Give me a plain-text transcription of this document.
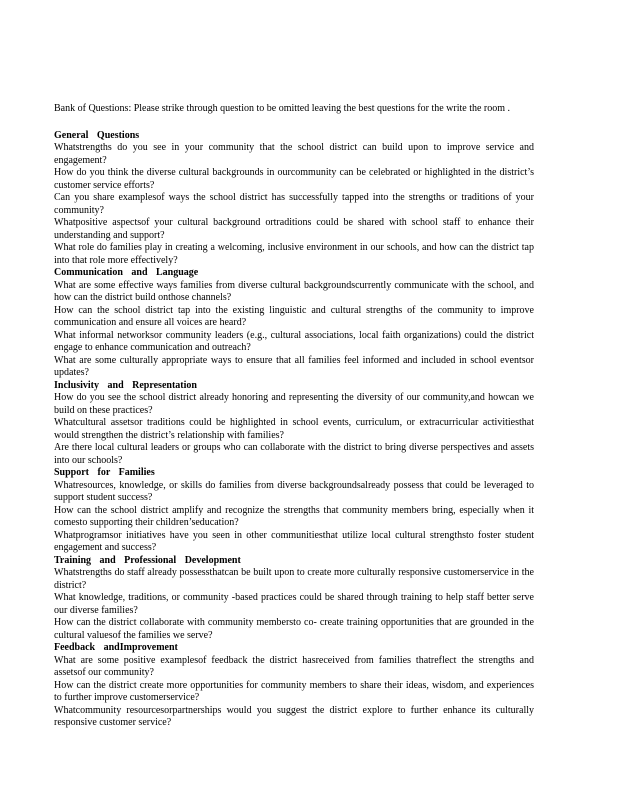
Bank of Questions: Please strike through question to be omitted leaving the best questions for the write the room .

General Questions

Whatstrengths do you see in your community that the school district can build upon to improve service and engagement?

How do you think the diverse cultural backgrounds in ourcommunity can be celebrated or highlighted in the district’s customer service efforts?

Can you share examplesof ways the school district has successfully tapped into the strengths or traditions of your community?

Whatpositive aspectsof your cultural background ortraditions could be shared with school staff to enhance their understanding and support?

What role do families play in creating a welcoming, inclusive environment in our schools, and how can the district tap into that role more effectively?

Communication and Language

What are some effective ways families from diverse cultural backgroundscurrently communicate with the school, and how can the district build onthose channels?

How can the school district tap into the existing linguistic and cultural strengths of the community to improve communication and ensure all voices are heard?

What informal networksor community leaders (e.g., cultural associations, local faith organizations) could the district engage to enhance communication and outreach?

What are some culturally appropriate ways to ensure that all families feel informed and included in school eventsor updates?

Inclusivity and Representation

How do you see the school district already honoring and representing the diversity of our community,and howcan we build on these practices?

Whatcultural assetsor traditions could be highlighted in school events, curriculum, or extracurricular activitiesthat would strengthen the district’s relationship with families?

Are there local cultural leaders or groups who can collaborate with the district to bring diverse perspectives and assets into our schools?

Support for Families

Whatresources, knowledge, or skills do families from diverse backgroundsalready possess that could be leveraged to support student success?

How can the school district amplify and recognize the strengths that community members bring, especially when it comesto supporting their children’seducation?

Whatprogramsor initiatives have you seen in other communitiesthat utilize local cultural strengthsto foster student engagement and success?

Training and Professional Development

Whatstrengths do staff already possessthatcan be built upon to create more culturally responsive customerservice in the district?

What knowledge, traditions, or community -based practices could be shared through training to help staff better serve our diverse families?

How can the district collaborate with community membersto co- create training opportunities that are grounded in the cultural valuesof the families we serve?

Feedback andImprovement

What are some positive examplesof feedback the district hasreceived from families thatreflect the strengths and assetsof our community?

How can the district create more opportunities for community members to share their ideas, wisdom, and experiences to further improve customerservice?

Whatcommunity resourcesorpartnerships would you suggest the district explore to further enhance its culturally responsive customer service?
